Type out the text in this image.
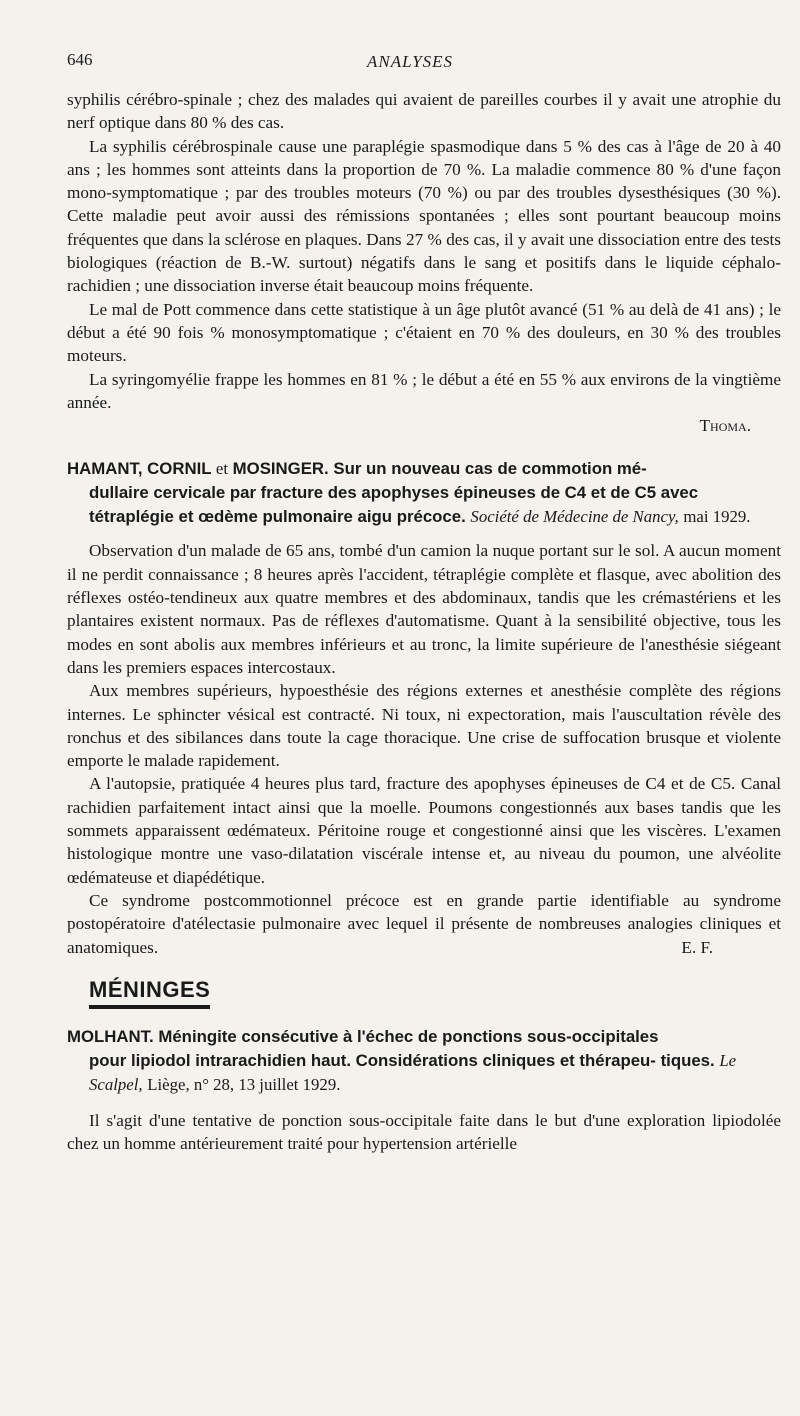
646	ANALYSES

syphilis cérébro-spinale ; chez des malades qui avaient de pareilles courbes il y avait une atrophie du nerf optique dans 80 % des cas.

La syphilis cérébrospinale cause une paraplégie spasmodique dans 5 % des cas à l'âge de 20 à 40 ans ; les hommes sont atteints dans la proportion de 70 %. La maladie commence 80 % d'une façon mono-symptomatique ; par des troubles moteurs (70 %) ou par des troubles dysesthésiques (30 %). Cette maladie peut avoir aussi des rémissions spontanées ; elles sont pourtant beaucoup moins fréquentes que dans la sclérose en plaques. Dans 27 % des cas, il y avait une dissociation entre des tests biologiques (réaction de B.-W. surtout) négatifs dans le sang et positifs dans le liquide céphalo-rachidien ; une dissociation inverse était beaucoup moins fréquente.

Le mal de Pott commence dans cette statistique à un âge plutôt avancé (51 % au delà de 41 ans) ; le début a été 90 fois % monosymptomatique ; c'étaient en 70 % des douleurs, en 30 % des troubles moteurs.

La syringomyélie frappe les hommes en 81 % ; le début a été en 55 % aux environs de la vingtième année.

Thoma.

HAMANT, CORNIL et MOSINGER. Sur un nouveau cas de commotion mé-
dullaire cervicale par fracture des apophyses épineuses de C4 et de C5 avec tétraplégie et œdème pulmonaire aigu précoce. Société de Médecine de Nancy, mai 1929.

Observation d'un malade de 65 ans, tombé d'un camion la nuque portant sur le sol. A aucun moment il ne perdit connaissance ; 8 heures après l'accident, tétraplégie complète et flasque, avec abolition des réflexes ostéo-tendineux aux quatre membres et des abdominaux, tandis que les crémastériens et les plantaires existent normaux. Pas de réflexes d'automatisme. Quant à la sensibilité objective, tous les modes en sont abolis aux membres inférieurs et au tronc, la limite supérieure de l'anesthésie siégeant dans les premiers espaces intercostaux.

Aux membres supérieurs, hypoesthésie des régions externes et anesthésie complète des régions internes. Le sphincter vésical est contracté. Ni toux, ni expectoration, mais l'auscultation révèle des ronchus et des sibilances dans toute la cage thoracique. Une crise de suffocation brusque et violente emporte le malade rapidement.

A l'autopsie, pratiquée 4 heures plus tard, fracture des apophyses épineuses de C4 et de C5. Canal rachidien parfaitement intact ainsi que la moelle. Poumons congestionnés aux bases tandis que les sommets apparaissent œdémateux. Péritoine rouge et congestionné ainsi que les viscères. L'examen histologique montre une vaso-dilatation viscérale intense et, au niveau du poumon, une alvéolite œdémateuse et diapédétique.

Ce syndrome postcommotionnel précoce est en grande partie identifiable au syndrome postopératoire d'atélectasie pulmonaire avec lequel il présente de nombreuses analogies cliniques et anatomiques.	E. F.

MÉNINGES
MOLHANT. Méningite consécutive à l'échec de ponctions sous-occipitales
pour lipiodol intrarachidien haut. Considérations cliniques et thérapeu- tiques. Le Scalpel, Liège, n° 28, 13 juillet 1929.

Il s'agit d'une tentative de ponction sous-occipitale faite dans le but d'une exploration lipiodolée chez un homme antérieurement traité pour hypertension artérielle
